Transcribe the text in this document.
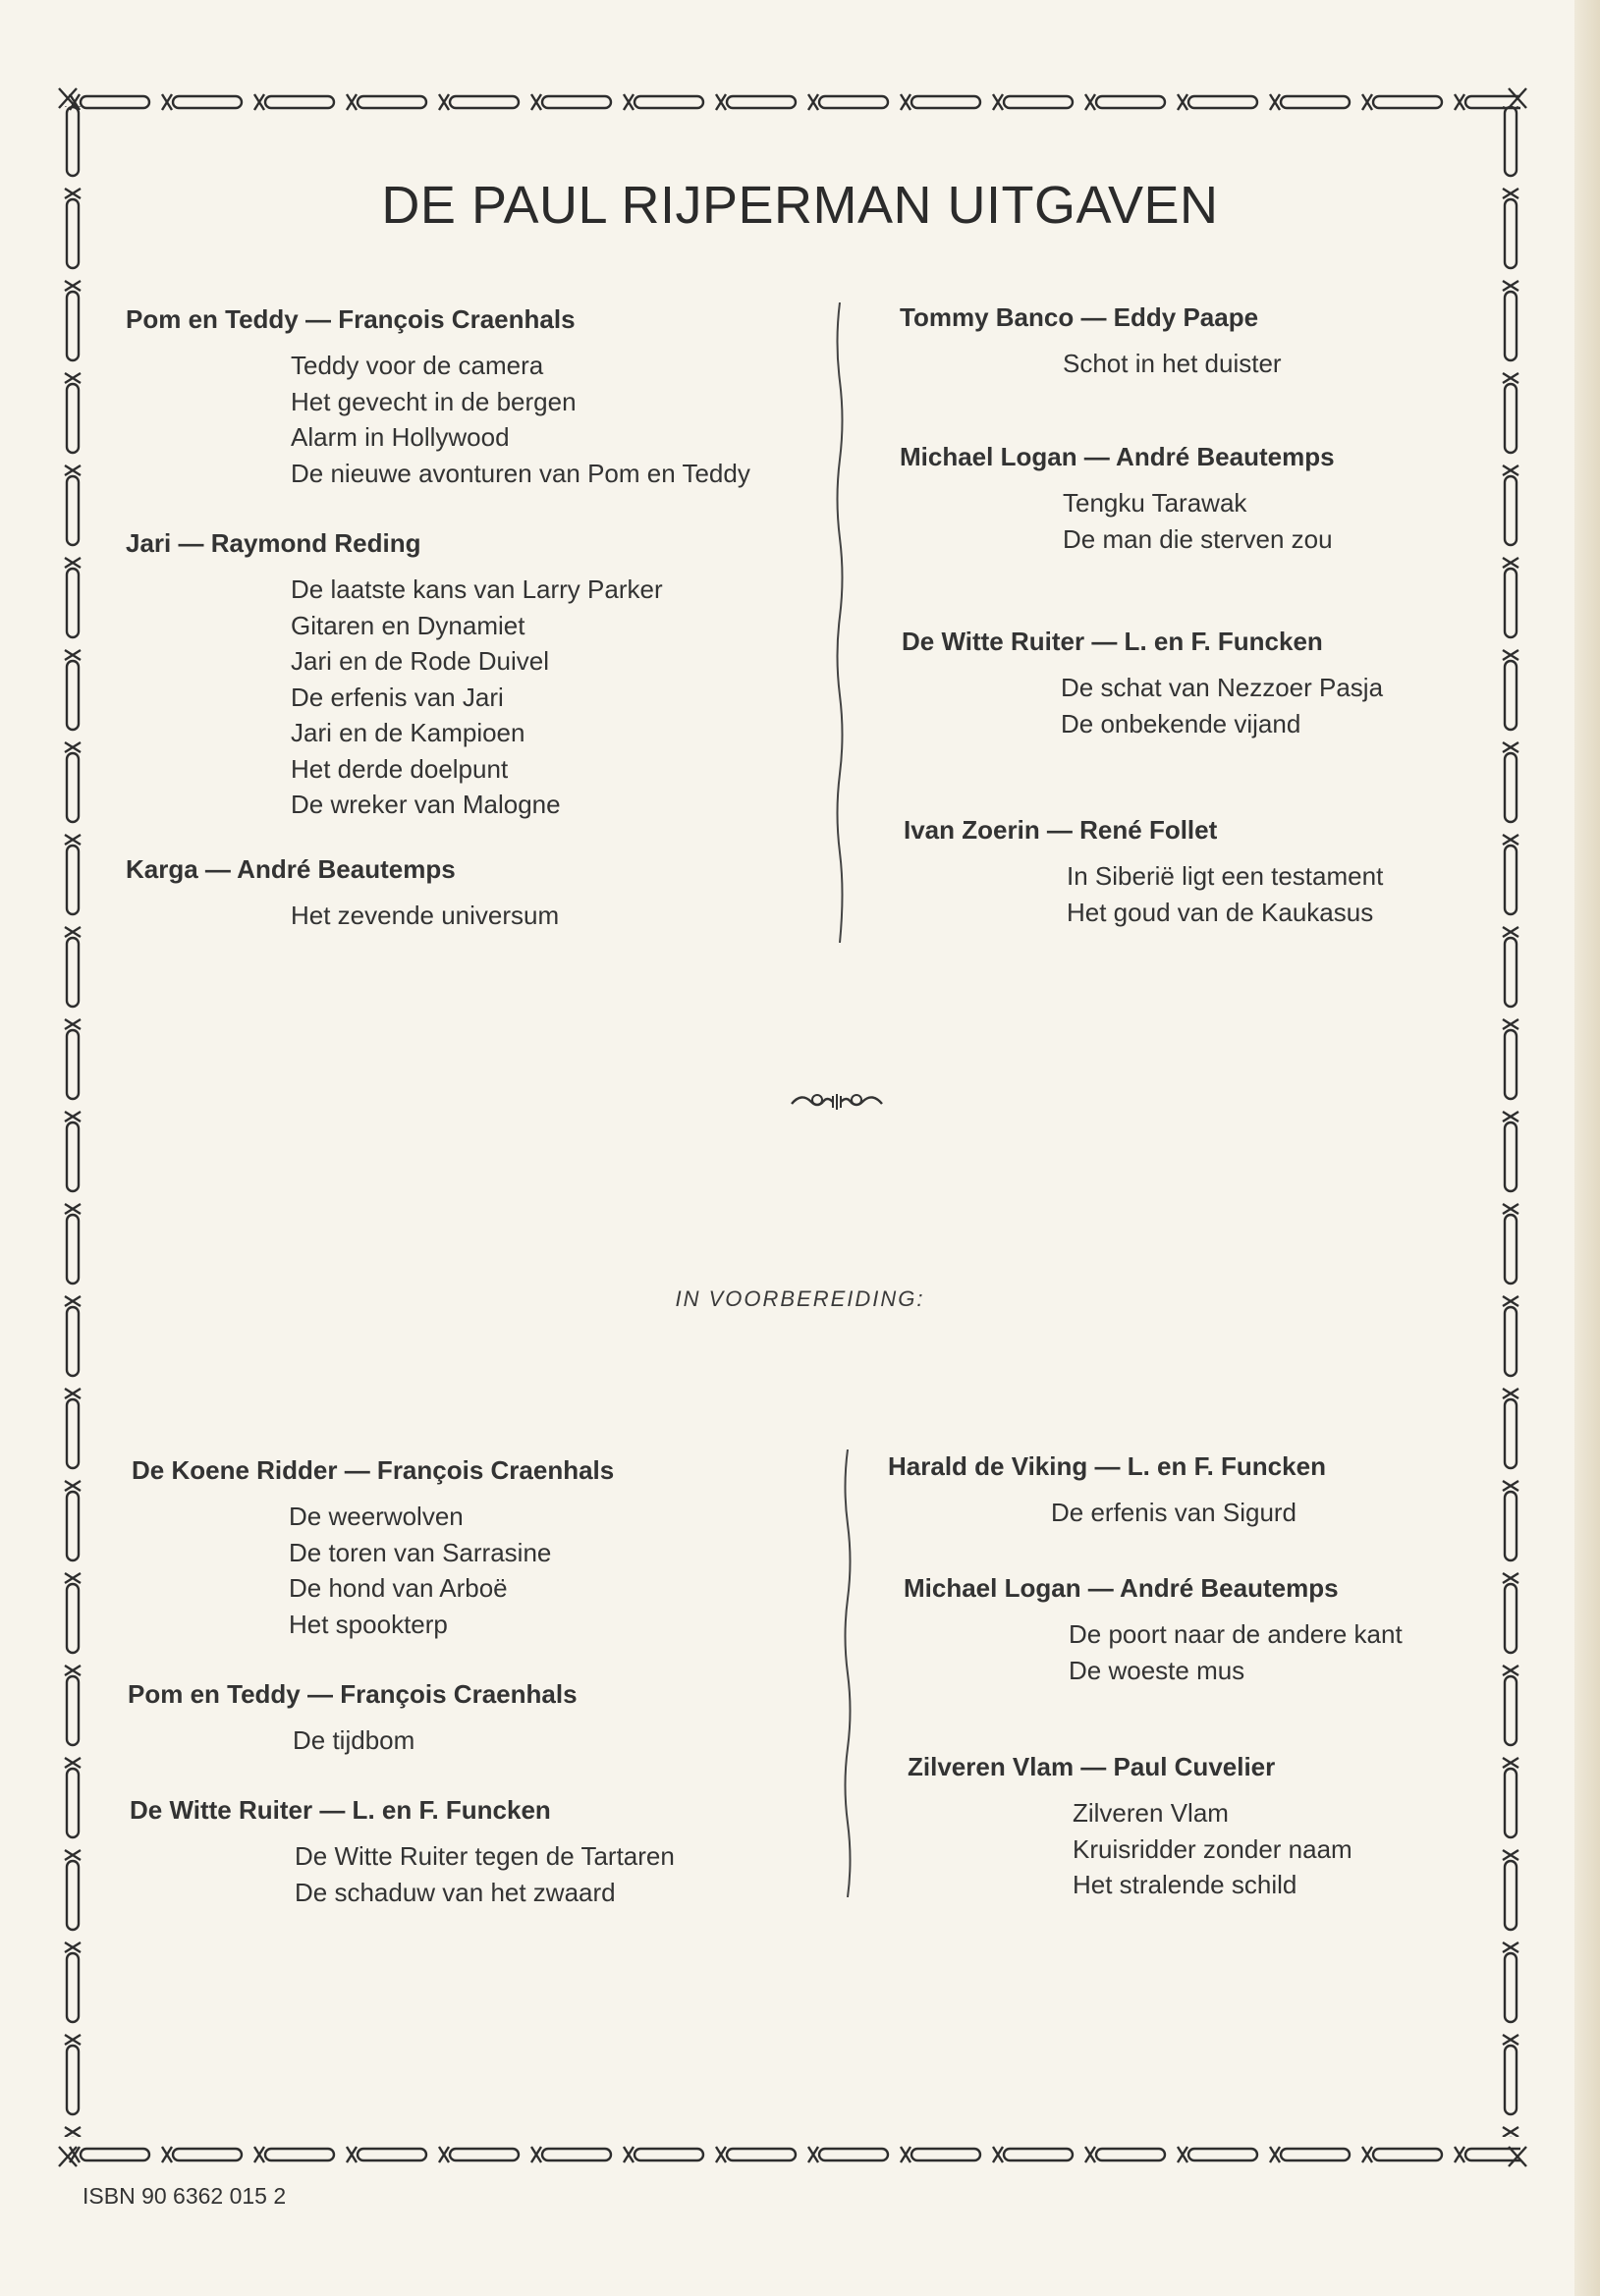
DE PAUL RIJPERMAN UITGAVEN
Pom en Teddy — François Craenhals
Teddy voor de camera
Het gevecht in de bergen
Alarm in Hollywood
De nieuwe avonturen van Pom en Teddy
Jari — Raymond Reding
De laatste kans van Larry Parker
Gitaren en Dynamiet
Jari en de Rode Duivel
De erfenis van Jari
Jari en de Kampioen
Het derde doelpunt
De wreker van Malogne
Karga — André Beautemps
Het zevende universum
Tommy Banco — Eddy Paape
Schot in het duister
Michael Logan — André Beautemps
Tengku Tarawak
De man die sterven zou
De Witte Ruiter — L. en F. Funcken
De schat van Nezzoer Pasja
De onbekende vijand
Ivan Zoerin — René Follet
In Siberië ligt een testament
Het goud van de Kaukasus
IN VOORBEREIDING:
De Koene Ridder — François Craenhals
De weerwolven
De toren van Sarrasine
De hond van Arboë
Het spookterp
Pom en Teddy — François Craenhals
De tijdbom
De Witte Ruiter — L. en F. Funcken
De Witte Ruiter tegen de Tartaren
De schaduw van het zwaard
Harald de Viking — L. en F. Funcken
De erfenis van Sigurd
Michael Logan — André Beautemps
De poort naar de andere kant
De woeste mus
Zilveren Vlam — Paul Cuvelier
Zilveren Vlam
Kruisridder zonder naam
Het stralende schild
ISBN 90 6362 015 2
